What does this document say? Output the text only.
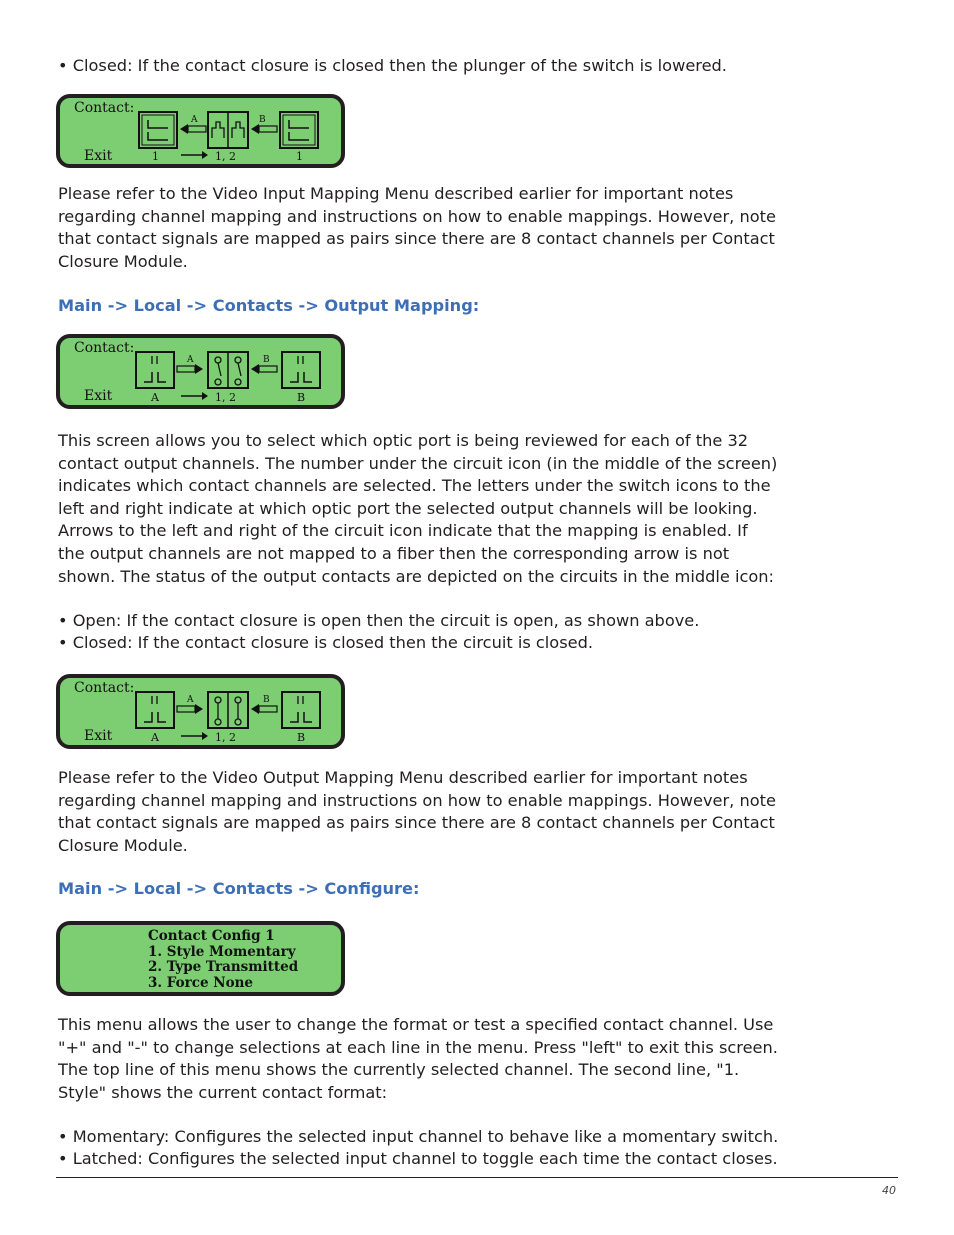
• Closed: If the contact closure is closed then the plunger of the switch is lowered.

Contact:
Exit
A	B
1	1, 2	1

Please refer to the Video Input Mapping Menu described earlier for important notes regarding channel mapping and instructions on how to enable mappings. However, note that contact signals are mapped as pairs since there are 8 contact channels per Contact Closure Module.

Main -> Local -> Contacts -> Output Mapping:

Contact:
Exit
A	B
A	1, 2	B

This screen allows you to select which optic port is being reviewed for each of the 32 contact output channels. The number under the circuit icon (in the middle of the screen) indicates which contact channels are selected. The letters under the switch icons to the left and right indicate at which optic port the selected output channels will be looking. Arrows to the left and right of the circuit icon indicate that the mapping is enabled. If the output channels are not mapped to a fiber then the corresponding arrow is not shown. The status of the output contacts are depicted on the circuits in the middle icon:

• Open: If the contact closure is open then the circuit is open, as shown above.

• Closed: If the contact closure is closed then the circuit is closed.

Contact:
Exit
A	B
A	1, 2	B

Please refer to the Video Output Mapping Menu described earlier for important notes regarding channel mapping and instructions on how to enable mappings. However, note that contact signals are mapped as pairs since there are 8 contact channels per Contact Closure Module.

Main -> Local -> Contacts -> Configure:

Contact Config 1
1. Style Momentary
2. Type Transmitted
3. Force None

This menu allows the user to change the format or test a specified contact channel. Use "+" and "-" to change selections at each line in the menu. Press "left" to exit this screen. The top line of this menu shows the currently selected channel. The second line, "1. Style" shows the current contact format:

• Momentary: Configures the selected input channel to behave like a momentary switch.

• Latched: Configures the selected input channel to toggle each time the contact closes.

40
